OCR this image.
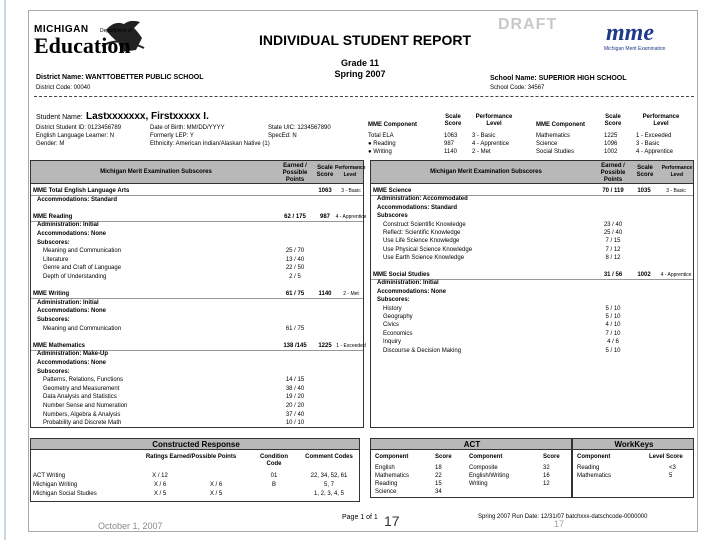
MICHIGAN Department of
Education
DRAFT
INDIVIDUAL STUDENT REPORT
Grade 11
Spring 2007
mme
Michigan Merit Examination
District Name: WANTTOBETTER PUBLIC SCHOOL
District Code: 00040
School Name: SUPERIOR HIGH SCHOOL
School Code: 34567
Student Name: Lastxxxxxxx, Firstxxxxx I.
District Student ID: 0123456789
English Language Learner: N
Gender: M
Date of Birth: MM/DD/YYYY
Formerly LEP: Y
Ethnicity: American Indian/Alaskan Native (1)
State UIC: 1234567890
SpecEd: N
MME Component
Scale Score
Performance Level
Total ELA	1063 3 - Basic
● Reading	987	4 - Apprentice
● Writing	1140	2 - Met
MME Component
Scale Score
Performance Level
Mathematics	1225	1 - Exceeded
Science	1096	3 - Basic
Social Studies	1002	4 - Apprentice
Michigan Merit Examination Subscores
Earned / Possible Points
Scale Score
Performance Level
MME Total English Language Arts	1063	3 - Basic
Accommodations: Standard
MME Reading	62 / 175	987	4 - Apprentice
Administration: Initial
Accommodations: None
Subscores:
Meaning and Communication	25 / 70
Literature	13 / 40
Genre and Craft of Language	22 / 50
Depth of Understanding	2 / 5
MME Writing	61 / 75	1140	2 - Met
Administration: Initial
Accommodations: None
Subscores:
Meaning and Communication	61 / 75
MME Mathematics	138 /145	1225 1 - Exceeded
Administration: Make-Up
Accommodations: None
Subscores:
Patterns, Relations, Functions	14 / 15
Geometry and Measurement	38 / 40
Data Analysis and Statistics	19 / 20
Number Sense and Numeration	20 / 20
Numbers, Algebra & Analysis	37 / 40
Probability and Discrete Math	10 / 10
Michigan Merit Examination Subscores
Earned / Possible Points
Scale Score
Performance Level
MME Science	70 / 119	1035	3 - Basic
Administration: Accommodated
Accommodations: Standard
Subscores
Construct Scientific Knowledge	23 / 40
Reflect: Scientific Knowledge	25 / 40
Use Life Science Knowledge	7 / 15
Use Physical Science Knowledge	7 / 12
Use Earth Science Knowledge	8 / 12
MME Social Studies	31 / 56	1002	4 - Apprentice
Administration: Initial
Accommodations: None
Subscores:
History	5 / 10
Geography	5 / 10
Civics	4 / 10
Economics	7 / 10
Inquiry	4 / 6
Discourse & Decision Making	5 / 10
Constructed Response
Ratings Earned/Possible Points	Condition Code
Comment Codes
ACT Writing	X / 12	01	22, 34, 52, 61
Michigan Writing	X / 6	X / 6	B	5, 7
Michigan Social Studies	X / 5	X / 5	1, 2, 3, 4, 5
ACT
Component	Score	Component	Score
English	18	Composite	32
Mathematics	22	English/Writing	16
Reading	15	Writing	12
Science	34
WorkKeys
Component	Level Score
Reading	<3
Mathematics	5
Page 1 of 1	Spring 2007 Run Date: 12/31/07 batchxxx-datschcode-0000000
October 1, 2007	17	17
